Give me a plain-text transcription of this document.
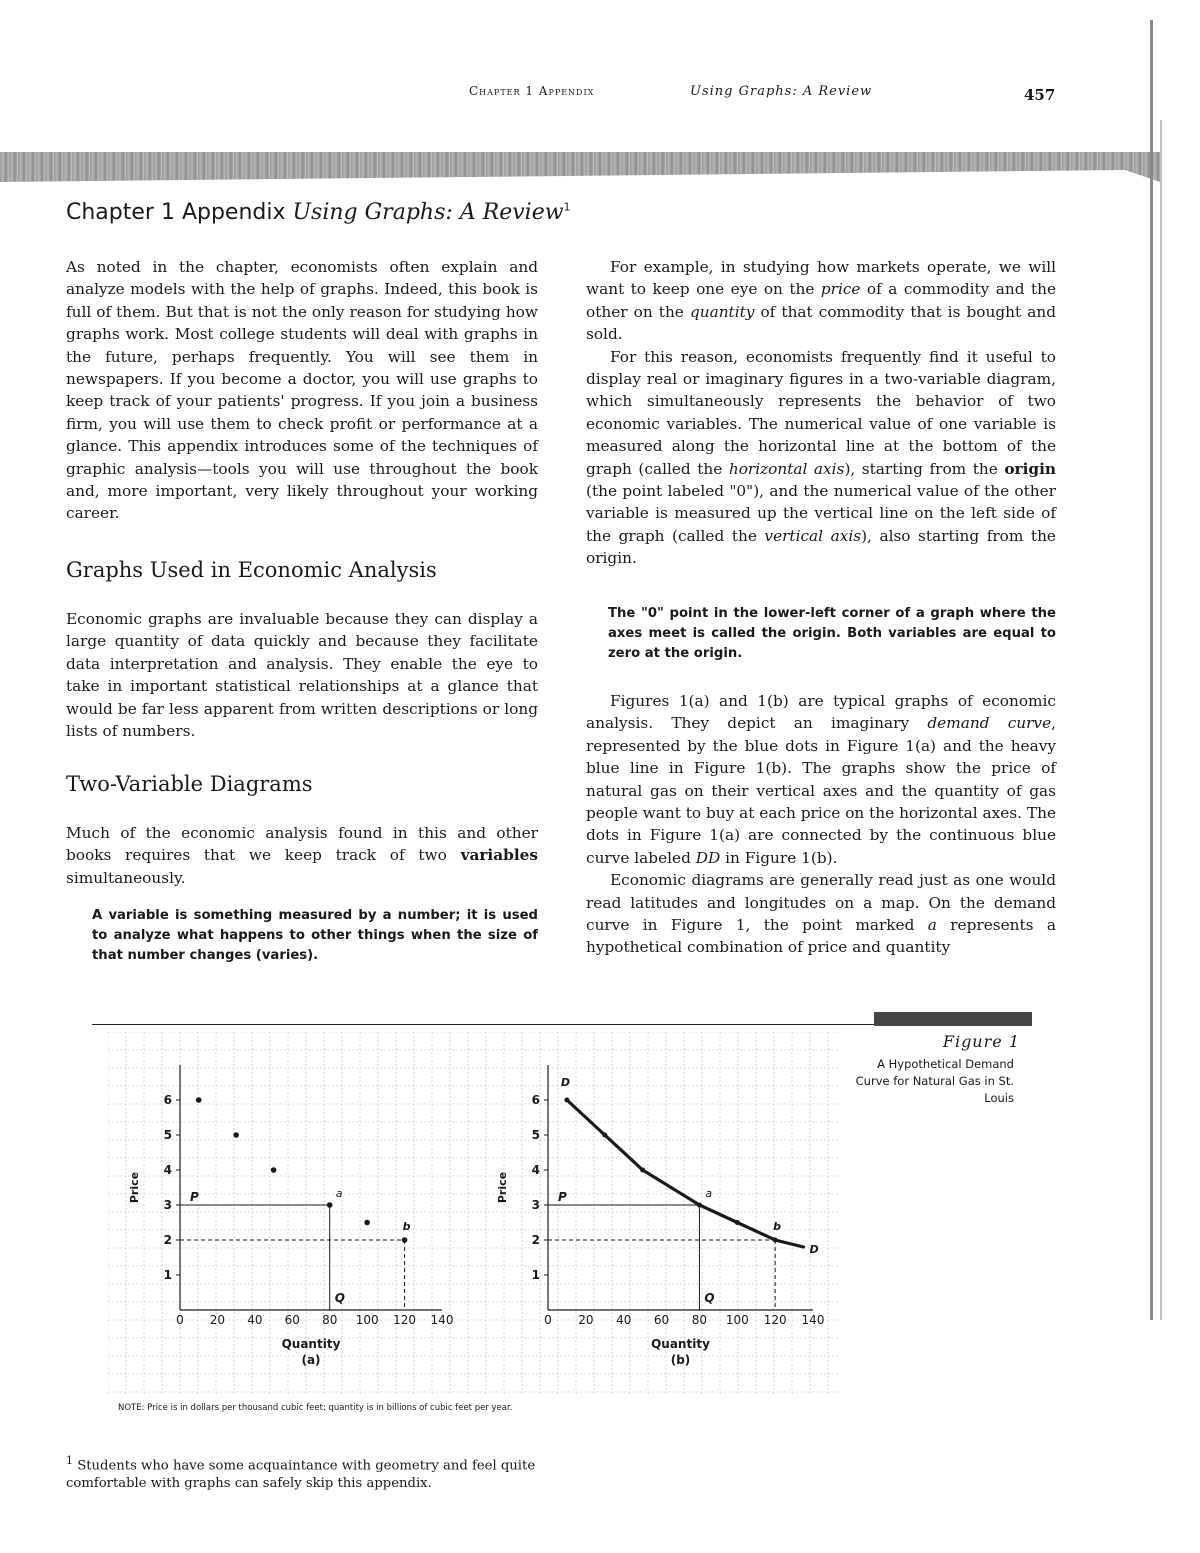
Chapter 1 Appendix	Using Graphs: A Review	457
Chapter 1 Appendix Using Graphs: A Review$^1$

As noted in the chapter, economists often explain and analyze models with the help of graphs. Indeed, this book is full of them. But that is not the only reason for studying how graphs work. Most college students will deal with graphs in the future, perhaps frequently. You will see them in newspapers. If you become a doctor, you will use graphs to keep track of your patients' progress. If you join a business firm, you will use them to check profit or performance at a glance. This appendix introduces some of the techniques of graphic analysis—tools you will use throughout the book and, more important, very likely throughout your working career.

Graphs Used in Economic Analysis

Economic graphs are invaluable because they can display a large quantity of data quickly and because they facilitate data interpretation and analysis. They enable the eye to take in important statistical relationships at a glance that would be far less apparent from written descriptions or long lists of numbers.

Two-Variable Diagrams

Much of the economic analysis found in this and other books requires that we keep track of two variables simultaneously.

A variable is something measured by a number; it is used to analyze what happens to other things when the size of that number changes (varies).

For example, in studying how markets operate, we will want to keep one eye on the price of a commodity and the other on the quantity of that commodity that is bought and sold.

For this reason, economists frequently find it useful to display real or imaginary figures in a two-variable diagram, which simultaneously represents the behavior of two economic variables. The numerical value of one variable is measured along the horizontal line at the bottom of the graph (called the horizontal axis), starting from the origin (the point labeled "0"), and the numerical value of the other variable is measured up the vertical line on the left side of the graph (called the vertical axis), also starting from the origin.

The "0" point in the lower-left corner of a graph where the axes meet is called the origin. Both variables are equal to zero at the origin.

Figures 1(a) and 1(b) are typical graphs of economic analysis. They depict an imaginary demand curve, represented by the blue dots in Figure 1(a) and the heavy blue line in Figure 1(b). The graphs show the price of natural gas on their vertical axes and the quantity of gas people want to buy at each price on the horizontal axes. The dots in Figure 1(a) are connected by the continuous blue curve labeled DD in Figure 1(b).

Economic diagrams are generally read just as one would read latitudes and longitudes on a map. On the demand curve in Figure 1, the point marked a represents a hypothetical combination of price and quantity

Figure 1
A Hypothetical Demand Curve for Natural Gas in St. Louis
0 20 40 60 80 100 120 140
1
2
3
4
5
6
Price
Quantity
(a)
a
b
P
Q
0 20 40 60 80 100 120 140
1
2
3
4
5
6
Price
Quantity
(b)
D
D
a
b
P
Q
NOTE: Price is in dollars per thousand cubic feet; quantity is in billions of cubic feet per year.
$^1$ Students who have some acquaintance with geometry and feel quite comfortable with graphs can safely skip this appendix.
